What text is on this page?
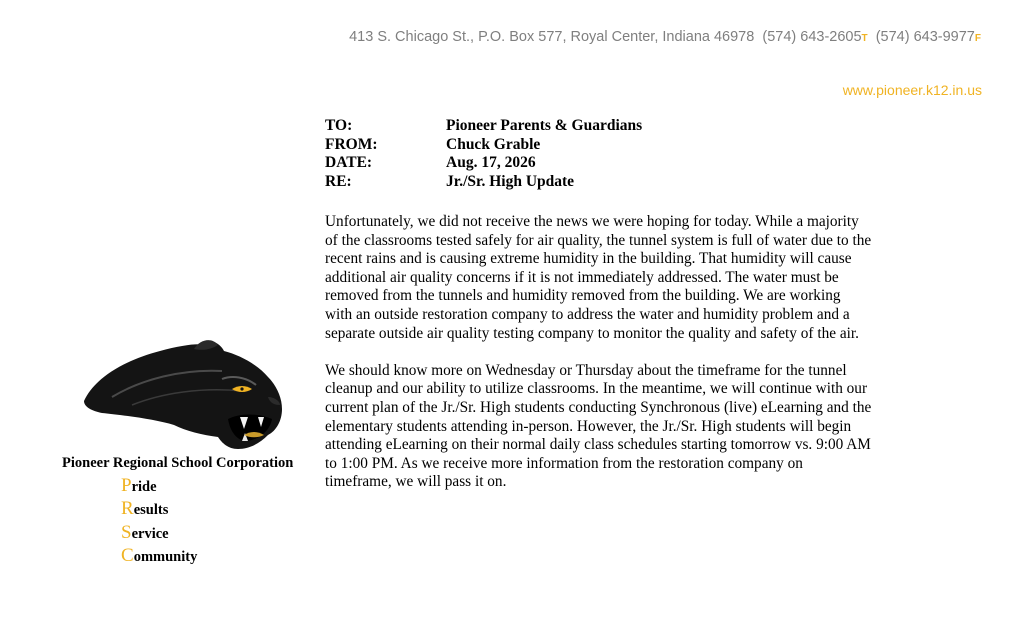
413 S. Chicago St., P.O. Box 577, Royal Center, Indiana 46978 (574) 643-2605T (574) 643-9977F
www.pioneer.k12.in.us
TO:	Pioneer Parents & Guardians
FROM:	Chuck Grable
DATE:	Aug. 17, 2026
RE:	Jr./Sr. High Update

Unfortunately, we did not receive the news we were hoping for today. While a majority
of the classrooms tested safely for air quality, the tunnel system is full of water due to the
recent rains and is causing extreme humidity in the building. That humidity will cause
additional air quality concerns if it is not immediately addressed. The water must be
removed from the tunnels and humidity removed from the building. We are working
with an outside restoration company to address the water and humidity problem and a
separate outside air quality testing company to monitor the quality and safety of the air.

We should know more on Wednesday or Thursday about the timeframe for the tunnel
cleanup and our ability to utilize classrooms. In the meantime, we will continue with our
current plan of the Jr./Sr. High students conducting Synchronous (live) eLearning and the
elementary students attending in-person. However, the Jr./Sr. High students will begin
attending eLearning on their normal daily class schedules starting tomorrow vs. 9:00 AM
to 1:00 PM. As we receive more information from the restoration company on
timeframe, we will pass it on.

Pioneer Regional School Corporation
Pride
Results
Service
Community
